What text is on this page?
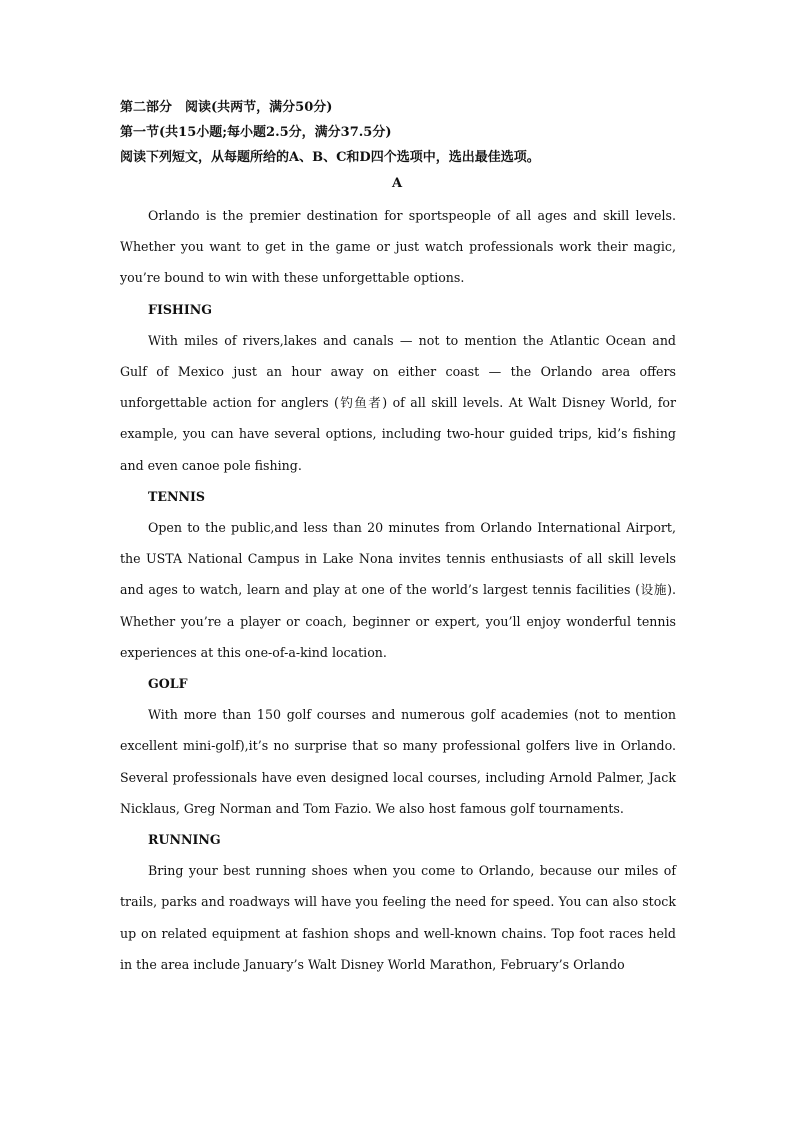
第二部分　阅读(共两节，满分50分)
第一节(共15小题;每小题2.5分，满分37.5分)
阅读下列短文，从每题所给的A、B、C和D四个选项中，选出最佳选项。
A

Orlando is the premier destination for sportspeople of all ages and skill levels. Whether you want to get in the game or just watch professionals work their magic, you’re bound to win with these unforgettable options.

FISHING

With miles of rivers,lakes and canals — not to mention the Atlantic Ocean and Gulf of Mexico just an hour away on either coast — the Orlando area offers unforgettable action for anglers (钓鱼者) of all skill levels. At Walt Disney World, for example, you can have several options, including two-hour guided trips, kid’s fishing and even canoe pole fishing.

TENNIS

Open to the public,and less than 20 minutes from Orlando International Airport, the USTA National Campus in Lake Nona invites tennis enthusiasts of all skill levels and ages to watch, learn and play at one of the world’s largest tennis facilities (设施). Whether you’re a player or coach, beginner or expert, you’ll enjoy wonderful tennis experiences at this one-of-a-kind location.

GOLF

With more than 150 golf courses and numerous golf academies (not to mention excellent mini-golf),it’s no surprise that so many professional golfers live in Orlando. Several professionals have even designed local courses, including Arnold Palmer, Jack Nicklaus, Greg Norman and Tom Fazio. We also host famous golf tournaments.

RUNNING

Bring your best running shoes when you come to Orlando, because our miles of trails, parks and roadways will have you feeling the need for speed. You can also stock up on related equipment at fashion shops and well-known chains. Top foot races held in the area include January’s Walt Disney World Marathon, February’s Orlando
